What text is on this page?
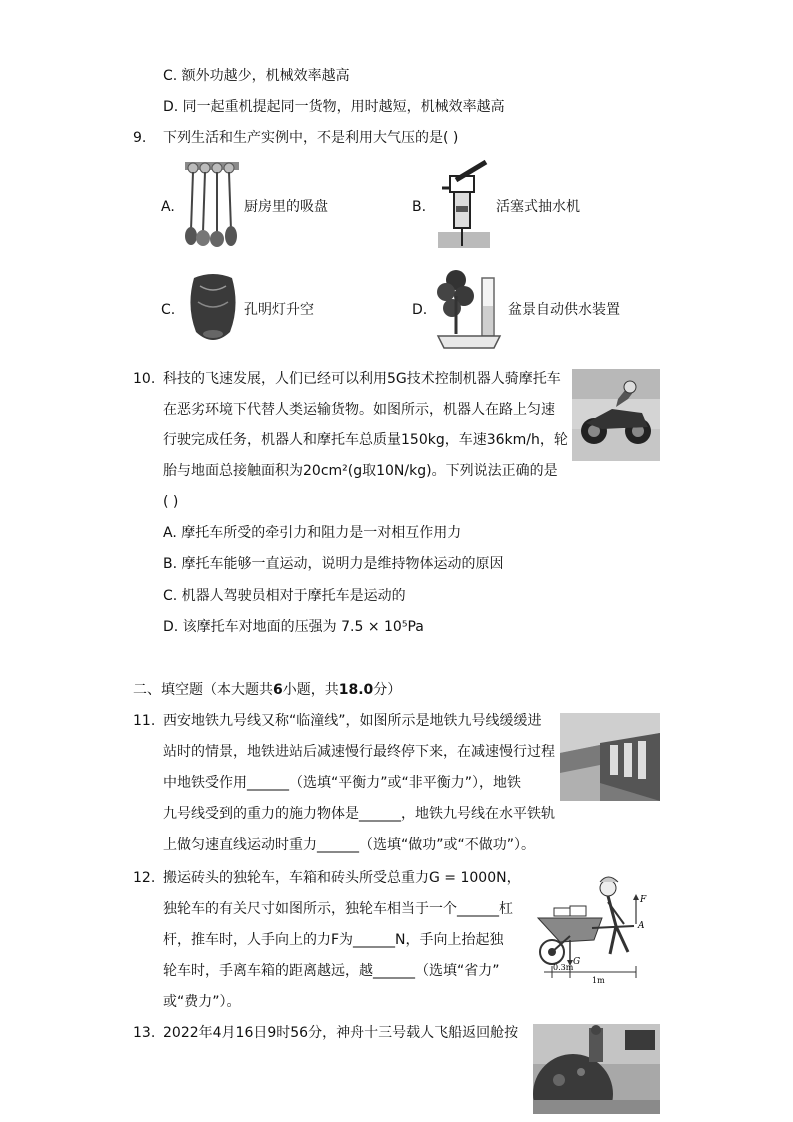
C. 额外功越少，机械效率越高
D. 同一起重机提起同一货物，用时越短，机械效率越高
9. 下列生活和生产实例中，不是利用大气压的是( )
A.	厨房里的吸盘	B.	活塞式抽水机
C.	孔明灯升空	D.	盆景自动供水装置
10. 科技的飞速发展，人们已经可以利用5G技术控制机器人骑摩托车
在恶劣环境下代替人类运输货物。如图所示，机器人在路上匀速
行驶完成任务，机器人和摩托车总质量150kg，车速36km/h，轮
胎与地面总接触面积为20cm²(g取10N/kg)。下列说法正确的是
( )
A. 摩托车所受的牵引力和阻力是一对相互作用力
B. 摩托车能够一直运动，说明力是维持物体运动的原因
C. 机器人驾驶员相对于摩托车是运动的
D. 该摩托车对地面的压强为 7.5 × 10⁵Pa
二、填空题（本大题共6小题，共18.0分）
11. 西安地铁九号线又称“临潼线”，如图所示是地铁九号线缓缓进
站时的情景，地铁进站后减速慢行最终停下来，在减速慢行过程
中地铁受作用______（选填“平衡力”或“非平衡力”），地铁
九号线受到的重力的施力物体是______，地铁九号线在水平铁轨
上做匀速直线运动时重力______（选填“做功”或“不做功”）。
12. 搬运砖头的独轮车，车箱和砖头所受总重力G = 1000N，
独轮车的有关尺寸如图所示，独轮车相当于一个______杠
杆，推车时，人手向上的力F为______N，手向上抬起独
轮车时，手离车箱的距离越远，越______（选填“省力”
或“费力”）。
F
A
G
0.3m
1m
13. 2022年4月16日9时56分，神舟十三号载人飞船返回舱按
